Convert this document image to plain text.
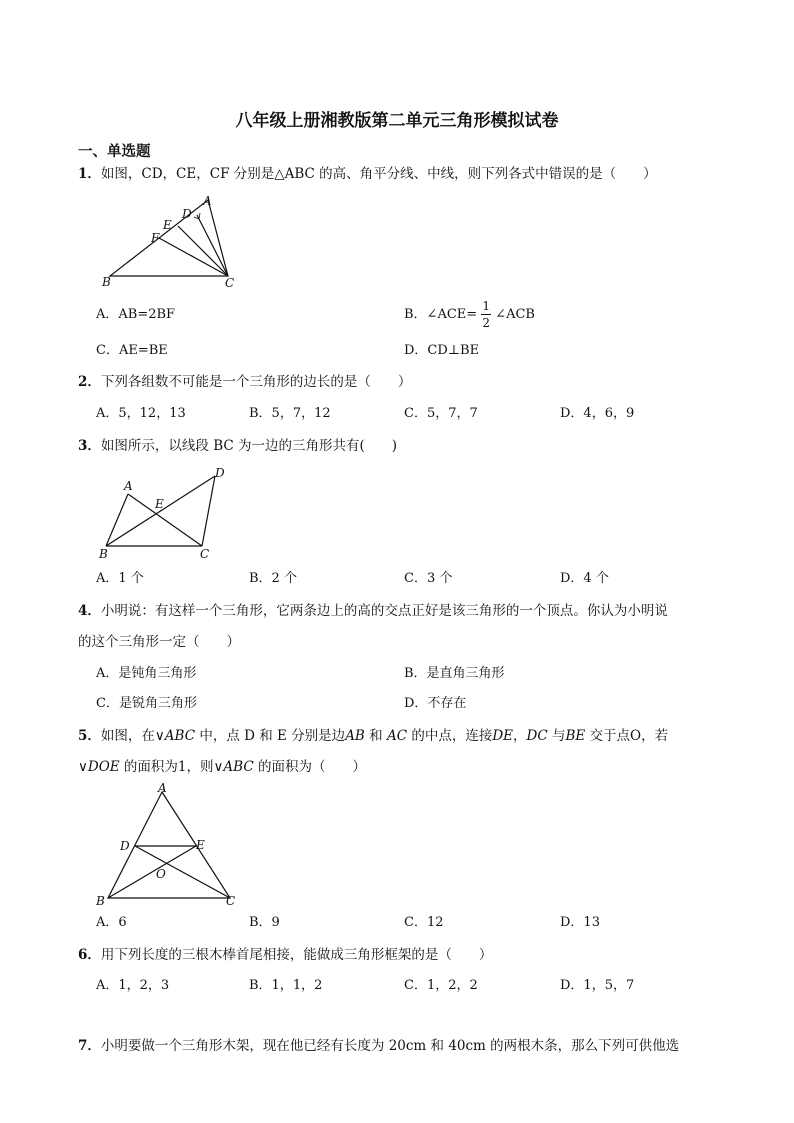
八年级上册湘教版第二单元三角形模拟试卷
一、单选题
1．如图，CD，CE，CF 分别是△ABC 的高、角平分线、中线，则下列各式中错误的是（　　）
A
D
E
F
B	C
A．AB=2BF	B．∠ACE= $\frac{1}{2}$ ∠ACB
C．AE=BE	D．CD⊥BE
2．下列各组数不可能是一个三角形的边长的是（　　）
A．5，12，13	B．5，7，12	C．5，7，7	D．4，6，9
3．如图所示，以线段 BC 为一边的三角形共有(　　)
A
E
D
B	C
A．1 个	B．2 个	C．3 个	D．4 个
4．小明说：有这样一个三角形，它两条边上的高的交点正好是该三角形的一个顶点。你认为小明说
的这个三角形一定（　　）
A．是钝角三角形	B．是直角三角形
C．是锐角三角形	D．不存在
5．如图，在∨ABC 中，点 D 和 E 分别是边AB 和 AC 的中点，连接DE，DC 与BE 交于点O，若
∨DOE 的面积为1，则∨ABC 的面积为（　　）
A
D	E
O
B	C
A．6	B．9	C．12	D．13
6．用下列长度的三根木棒首尾相接，能做成三角形框架的是（　　）
A．1，2，3	B．1，1，2	C．1，2，2	D．1，5，7
7．小明要做一个三角形木架，现在他已经有长度为 20cm 和 40cm 的两根木条，那么下列可供他选
